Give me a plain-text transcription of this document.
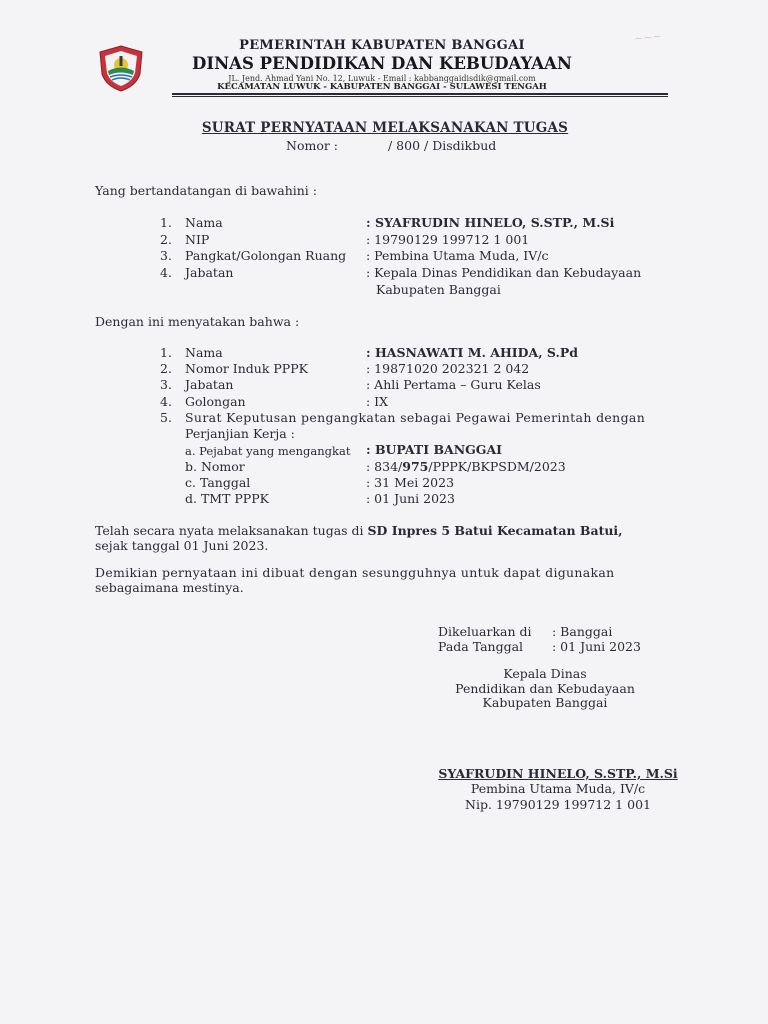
~~~
PEMERINTAH KABUPATEN BANGGAI
DINAS PENDIDIKAN DAN KEBUDAYAAN
JL. Jend. Ahmad Yani No. 12, Luwuk - Email : kabbanggaidisdik@gmail.com
KECAMATAN LUWUK - KABUPATEN BANGGAI - SULAWESI TENGAH
SURAT PERNYATAAN MELAKSANAKAN TUGAS
Nomor :	/ 800 / Disdikbud
Yang bertandatangan di bawahini :
1. Nama	: SYAFRUDIN HINELO, S.STP., M.Si
2. NIP	: 19790129 199712 1 001
3. Pangkat/Golongan Ruang : Pembina Utama Muda, IV/c
4. Jabatan	: Kepala Dinas Pendidikan dan Kebudayaan
Kabupaten Banggai
Dengan ini menyatakan bahwa :
1. Nama	: HASNAWATI M. AHIDA, S.Pd
2. Nomor Induk PPPK	: 19871020 202321 2 042
3. Jabatan	: Ahli Pertama – Guru Kelas
4. Golongan	: IX
5. Surat Keputusan pengangkatan sebagai Pegawai Pemerintah dengan
Perjanjian Kerja :
a. Pejabat yang mengangkat : BUPATI BANGGAI
b. Nomor	: 834/975/PPPK/BKPSDM/2023
c. Tanggal	: 31 Mei 2023
d. TMT PPPK	: 01 Juni 2023
Telah secara nyata melaksanakan tugas di SD Inpres 5 Batui Kecamatan Batui,
sejak tanggal 01 Juni 2023.
Demikian pernyataan ini dibuat dengan sesungguhnya untuk dapat digunakan
sebagaimana mestinya.
Dikeluarkan di : Banggai
Pada Tanggal : 01 Juni 2023
Kepala Dinas
Pendidikan dan Kebudayaan
Kabupaten Banggai
SYAFRUDIN HINELO, S.STP., M.Si
Pembina Utama Muda, IV/c
Nip. 19790129 199712 1 001
